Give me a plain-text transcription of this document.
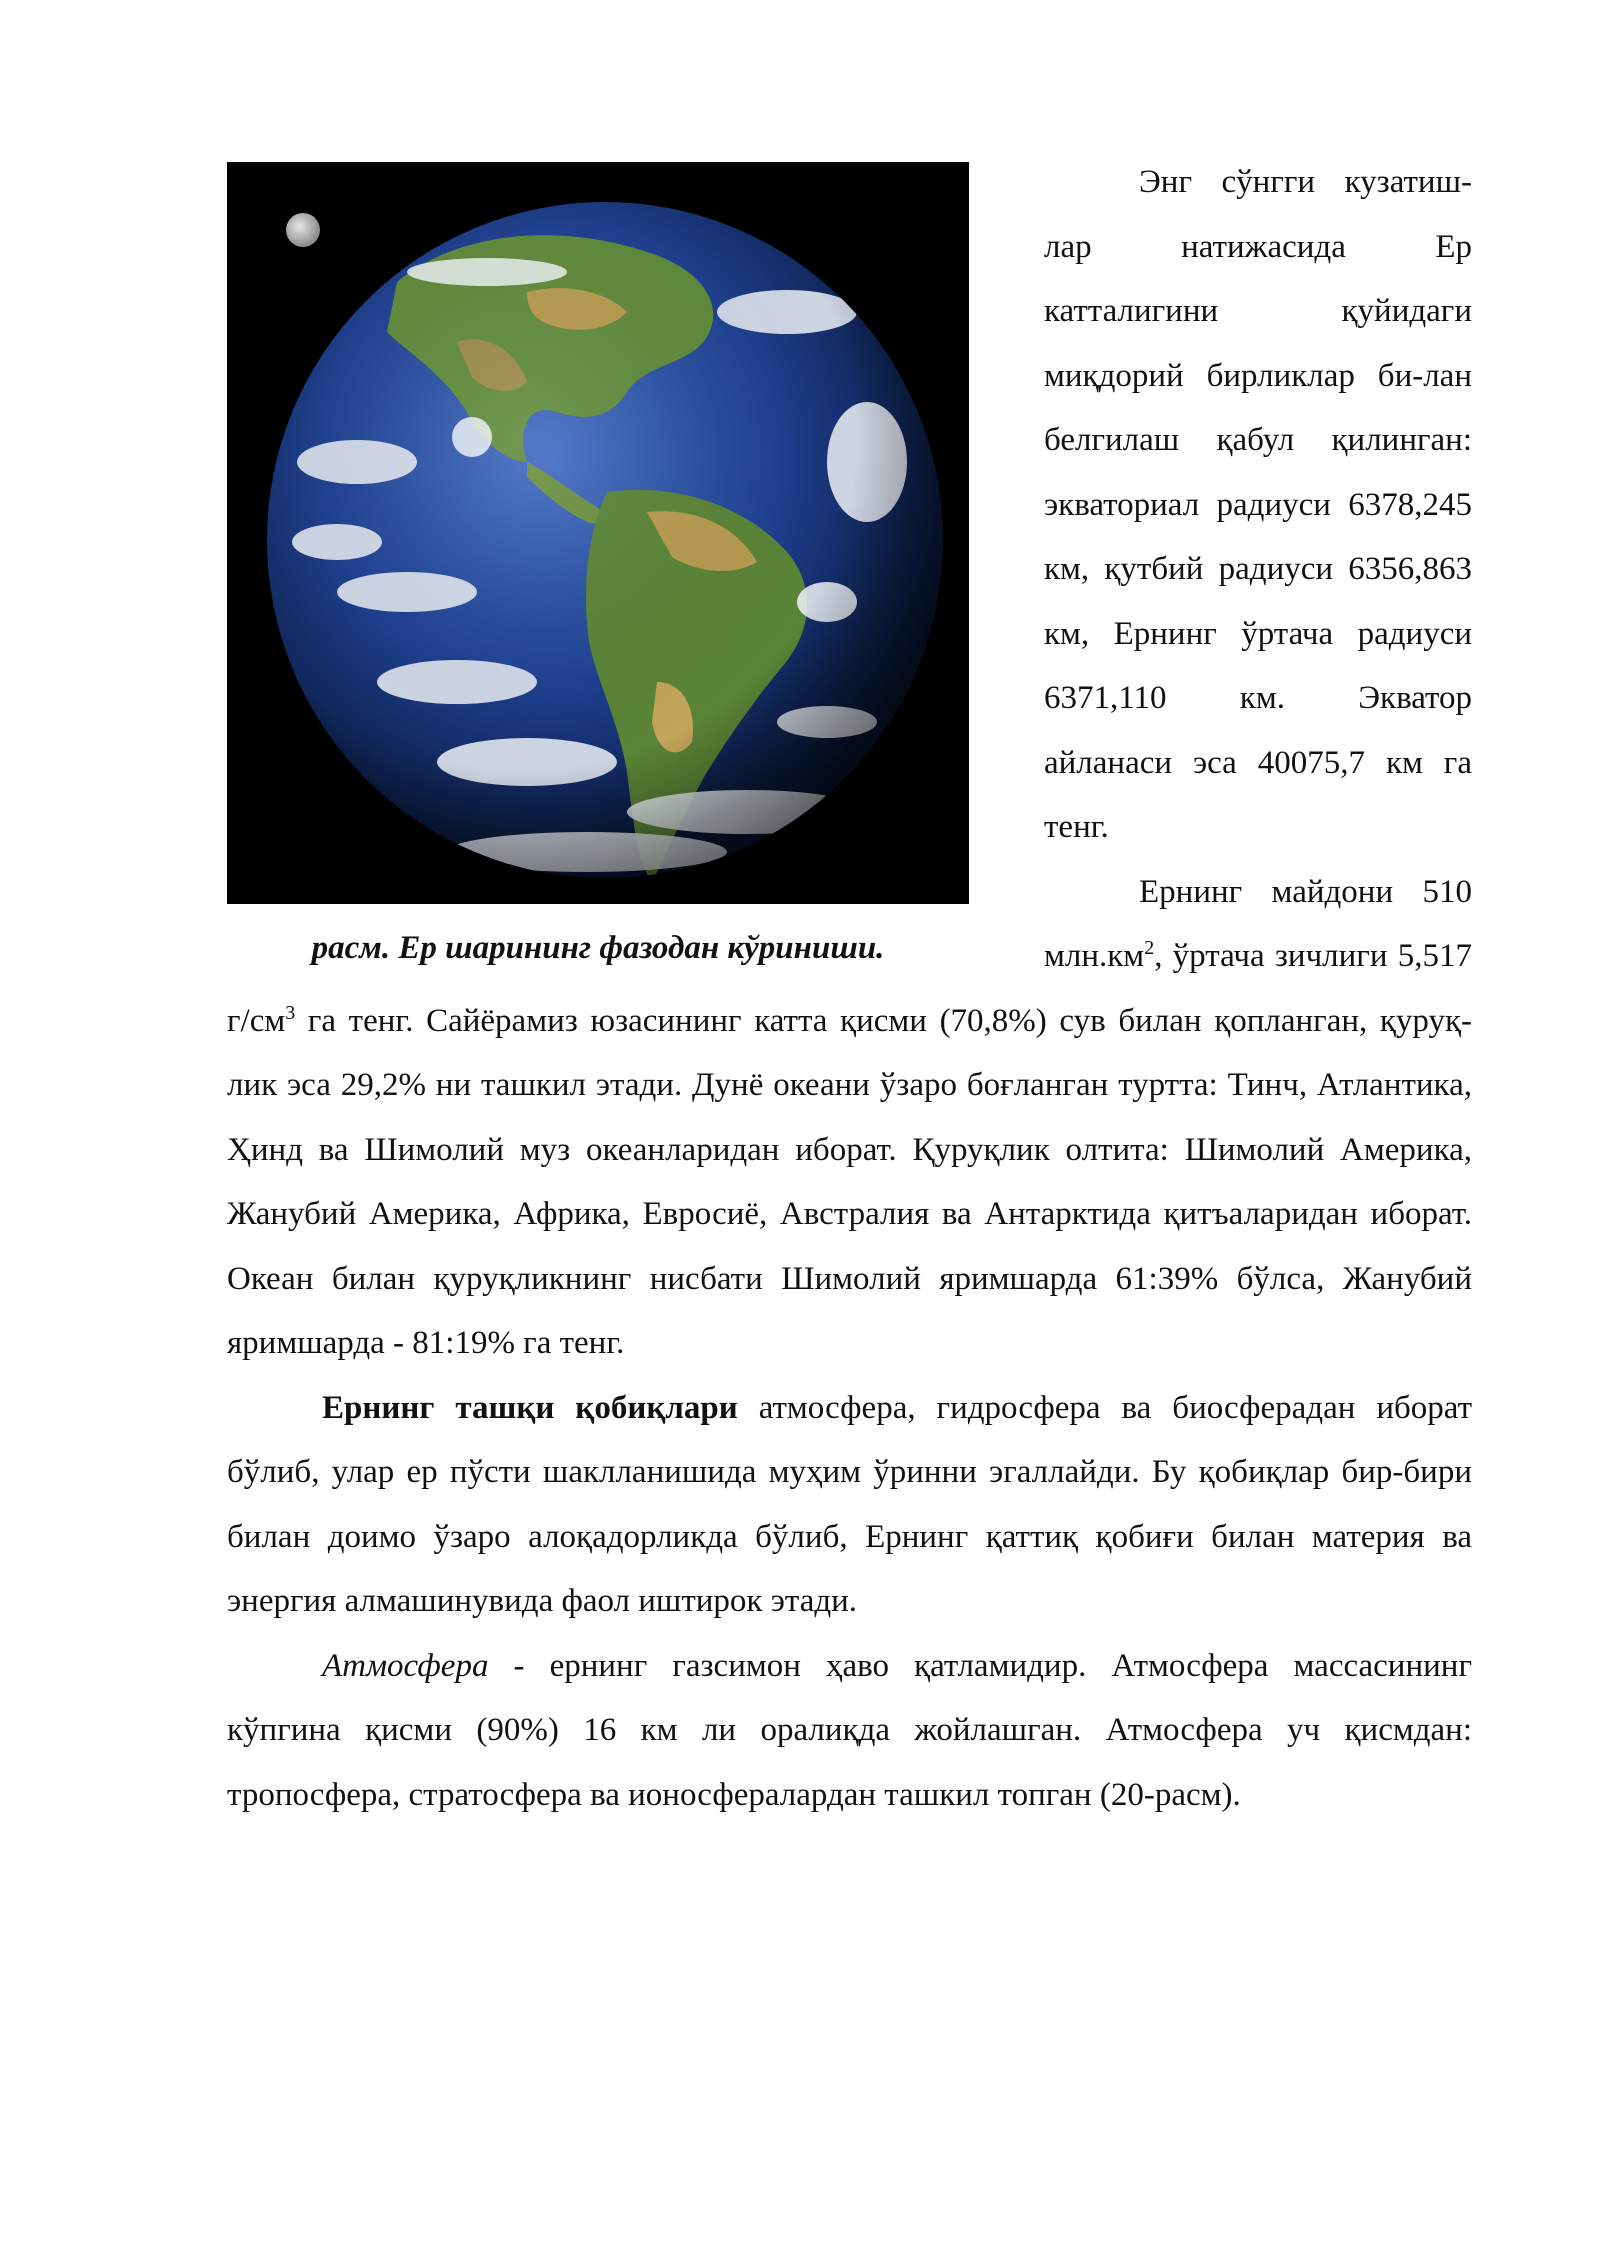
расм. Ер шарининг фазодан кўриниши.

Энг сўнгги кузатиш-лар натижасида Ер катталигини қуйидаги миқдорий бирликлар би-лан белгилаш қабул қилинган: экваториал радиуси 6378,245 км, қутбий радиуси 6356,863 км, Ернинг ўртача радиуси 6371,110 км. Экватор айланаси эса 40075,7 км га тенг.

Ернинг майдони 510 $млн.км^2$, ўртача зичлиги 5,517 $г/см^3$ га тенг. Сайёрамиз юзасининг катта қисми (70,8%) сув билан қопланган, қуруқ-лик эса 29,2% ни ташкил этади. Дунё океани ўзаро боғланган туртта: Тинч, Атлантика, Ҳинд ва Шимолий муз океанларидан иборат. Қуруқлик олтита: Шимолий Америка, Жанубий Америка, Африка, Евросиё, Австралия ва Антарктида қитъаларидан иборат. Океан билан қуруқликнинг нисбати Шимолий яримшарда 61:39% бўлса, Жанубий яримшарда - 81:19% га тенг.

Ернинг ташқи қобиқлари атмосфера, гидросфера ва биосферадан иборат бўлиб, улар ер пўсти шаклланишида муҳим ўринни эгаллайди. Бу қобиқлар бир-бири билан доимо ўзаро алоқадорликда бўлиб, Ернинг қаттиқ қобиғи билан материя ва энергия алмашинувида фаол иштирок этади.

Атмосфера - ернинг газсимон ҳаво қатламидир. Атмосфера массасининг кўпгина қисми (90%) 16 км ли оралиқда жойлашган. Атмосфера уч қисмдан: тропосфера, стратосфера ва ионосфералардан ташкил топган (20-расм).
